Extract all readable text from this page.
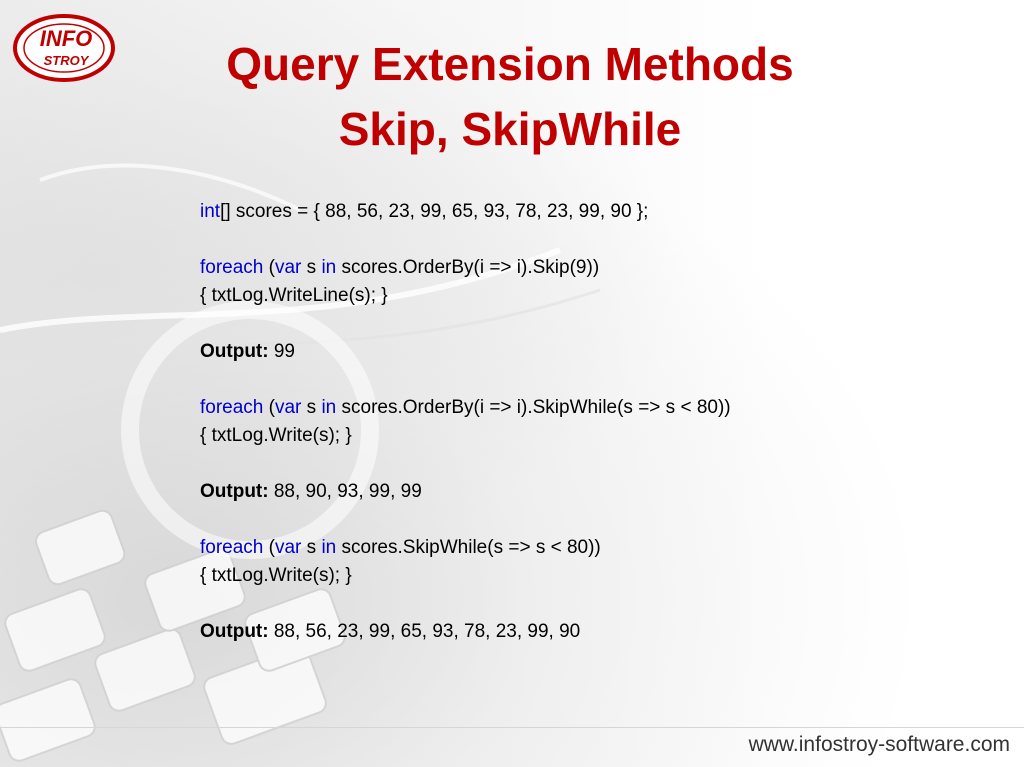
INFO
STROY	Query Extension Methods
Skip, SkipWhile
int[] scores = { 88, 56, 23, 99, 65, 93, 78, 23, 99, 90 };
foreach (var s in scores.OrderBy(i => i).Skip(9))
{ txtLog.WriteLine(s); }
Output: 99
foreach (var s in scores.OrderBy(i => i).SkipWhile(s => s < 80))
{ txtLog.Write(s); }
Output: 88, 90, 93, 99, 99
foreach (var s in scores.SkipWhile(s => s < 80))
{ txtLog.Write(s); }
Output: 88, 56, 23, 99, 65, 93, 78, 23, 99, 90
www.infostroy-software.com
